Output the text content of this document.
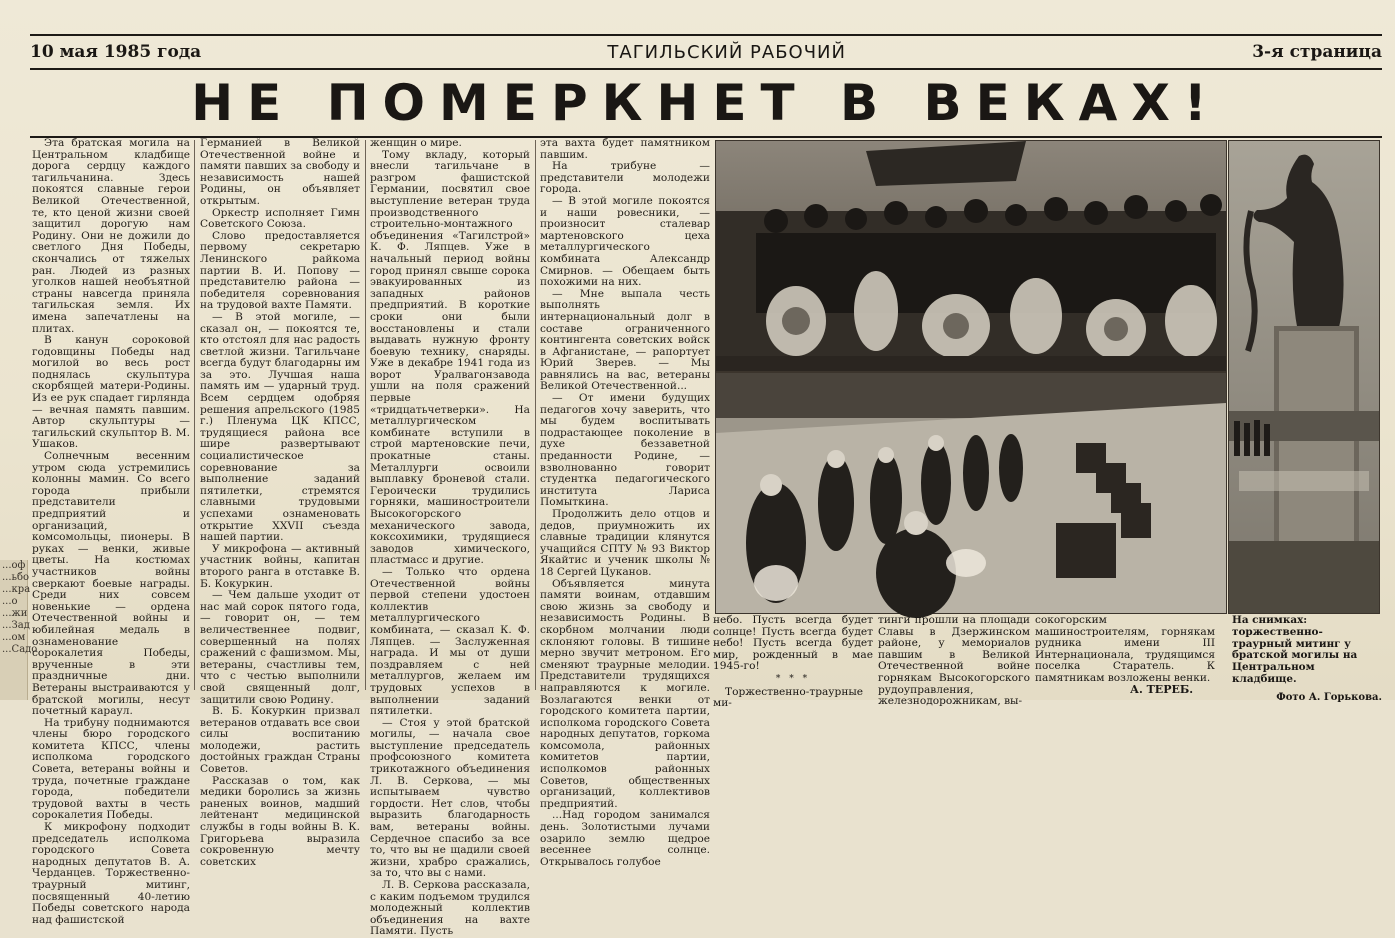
...оф ...ьбо ...кра ...о ...жи ...Зад ...ом ...Садо
10 мая 1985 года	ТАГИЛЬСКИЙ РАБОЧИЙ	3-я страница
НЕ ПОМЕРКНЕТ В ВЕКАХ!

Эта братская могила на Центральном кладбище дорога сердцу каждого тагильчанина. Здесь покоятся славные герои Великой Отечественной, те, кто ценой жизни своей защитил дорогую нам Родину. Они не дожили до светлого Дня Победы, скончались от тяжелых ран. Людей из разных уголков нашей необъятной страны навсегда приняла тагильская земля. Их имена запечатлены на плитах.

В канун сороковой годовщины Победы над могилой во весь рост поднялась скульптура скорбящей матери-Родины. Из ее рук спадает гирлянда — вечная память павшим. Автор скульптуры — тагильский скульптор В. М. Ушаков.

Солнечным весенним утром сюда устремились колонны мамин. Со всего города прибыли представители предприятий и организаций, комсомольцы, пионеры. В руках — венки, живые цветы. На костюмах участников войны сверкают боевые награды. Среди них совсем новенькие — ордена Отечественной войны и юбилейная медаль в ознаменование сорокалетия Победы, врученные в эти праздничные дни. Ветераны выстраиваются у братской могилы, несут почетный караул.

На трибуну поднимаются члены бюро городского комитета КПСС, члены исполкома городского Совета, ветераны войны и труда, почетные граждане города, победители трудовой вахты в честь сорокалетия Победы.

К микрофону подходит председатель исполкома городского Совета народных депутатов В. А. Черданцев. Торжественно-траурный митинг, посвященный 40-летию Победы советского народа над фашистской

Германией в Великой Отечественной войне и памяти павших за свободу и независимость нашей Родины, он объявляет открытым.

Оркестр исполняет Гимн Советского Союза.

Слово предоставляется первому секретарю Ленинского райкома партии В. И. Попову — представителю района — победителя соревнования на трудовой вахте Памяти.

— В этой могиле, — сказал он, — покоятся те, кто отстоял для нас радость светлой жизни. Тагильчане всегда будут благодарны им за это. Лучшая наша память им — ударный труд. Всем сердцем одобряя решения апрельского (1985 г.) Пленума ЦК КПСС, трудящиеся района все шире развертывают социалистическое соревнование за выполнение заданий пятилетки, стремятся славными трудовыми успехами ознаменовать открытие XXVII съезда нашей партии.

У микрофона — активный участник войны, капитан второго ранга в отставке В. Б. Кокуркин.

— Чем дальше уходит от нас май сорок пятого года, — говорит он, — тем величественнее подвиг, совершенный на полях сражений с фашизмом. Мы, ветераны, счастливы тем, что с честью выполнили свой священный долг, защитили свою Родину.

В. Б. Кокуркин призвал ветеранов отдавать все свои силы воспитанию молодежи, растить достойных граждан Страны Советов.

Рассказав о том, как медики боролись за жизнь раненых воинов, мадший лейтенант медицинской службы в годы войны В. К. Григорьева выразила сокровенную мечту советских

женщин о мире.

Тому вкладу, который внесли тагильчане в разгром фашистской Германии, посвятил свое выступление ветеран труда производственного строительно-монтажного объединения «Тагилстрой» К. Ф. Ляпцев. Уже в начальный период войны город принял свыше сорока эвакуированных из западных районов предприятий. В короткие сроки они были восстановлены и стали выдавать нужную фронту боевую технику, снаряды. Уже в декабре 1941 года из ворот Уралвагонзавода ушли на поля сражений первые «тридцатьчетверки». На металлургическом комбинате вступили в строй мартеновские печи, прокатные станы. Металлурги освоили выплавку броневой стали. Героически трудились горняки, машиностроители Высокогорского механического завода, коксохимики, трудящиеся заводов химического, пластмасс и другие.

— Только что ордена Отечественной войны первой степени удостоен коллектив металлургического комбината, — сказал К. Ф. Ляпцев. — Заслуженная награда. И мы от души поздравляем с ней металлургов, желаем им трудовых успехов в выполнении заданий пятилетки.

— Стоя у этой братской могилы, — начала свое выступление председатель профсоюзного комитета трикотажного объединения Л. В. Серкова, — мы испытываем чувство гордости. Нет слов, чтобы выразить благодарность вам, ветераны войны. Сердечное спасибо за все то, что вы не щадили своей жизни, храбро сражались, за то, что вы с нами.

Л. В. Серкова рассказала, с каким подъемом трудился молодежный коллектив объединения на вахте Памяти. Пусть

эта вахта будет памятником павшим.

На трибуне — представители молодежи города.

— В этой могиле покоятся и наши ровесники, — произносит сталевар мартеновского цеха металлургического комбината Александр Смирнов. — Обещаем быть похожими на них.

— Мне выпала честь выполнять интернациональный долг в составе ограниченного контингента советских войск в Афганистане, — рапортует Юрий Зверев. — Мы равнялись на вас, ветераны Великой Отечественной...

— От имени будущих педагогов хочу заверить, что мы будем воспитывать подрастающее поколение в духе беззаветной преданности Родине, — взволнованно говорит студентка педагогического института Лариса Помыткина.

Продолжить дело отцов и дедов, приумножить их славные традиции клянутся учащийся СПТУ № 93 Виктор Якайтис и ученик школы № 18 Сергей Цуканов.

Объявляется минута памяти воинам, отдавшим свою жизнь за свободу и независимость Родины. В скорбном молчании люди склоняют головы. В тишине мерно звучит метроном. Его сменяют траурные мелодии. Представители трудящихся направляются к могиле. Возлагаются венки от городского комитета партии, исполкома городского Совета народных депутатов, горкома комсомола, районных комитетов партии, исполкомов районных Советов, общественных организаций, коллективов предприятий.

...Над городом занимался день. Золотистыми лучами озарило землю щедрое весеннее солнце. Открывалось голубое

небо. Пусть всегда будет солнце! Пусть всегда будет небо! Пусть всегда будет мир, рожденный в мае 1945-го!

* * *

Торжественно-траурные ми-

тинги прошли на площади Славы в Дзержинском районе, у мемориалов павшим в Великой Отечественной войне горнякам Высокогорского рудоуправления, железнодорожникам, вы-

сокогорским машиностроителям, горнякам рудника имени III Интернационала, трудящимся поселка Старатель. К памятникам возложены венки.

А. ТЕРЕБ.
На снимках: торжественно-траурный митинг у братской могилы на Центральном кладбище.
Фото А. Горькова.
